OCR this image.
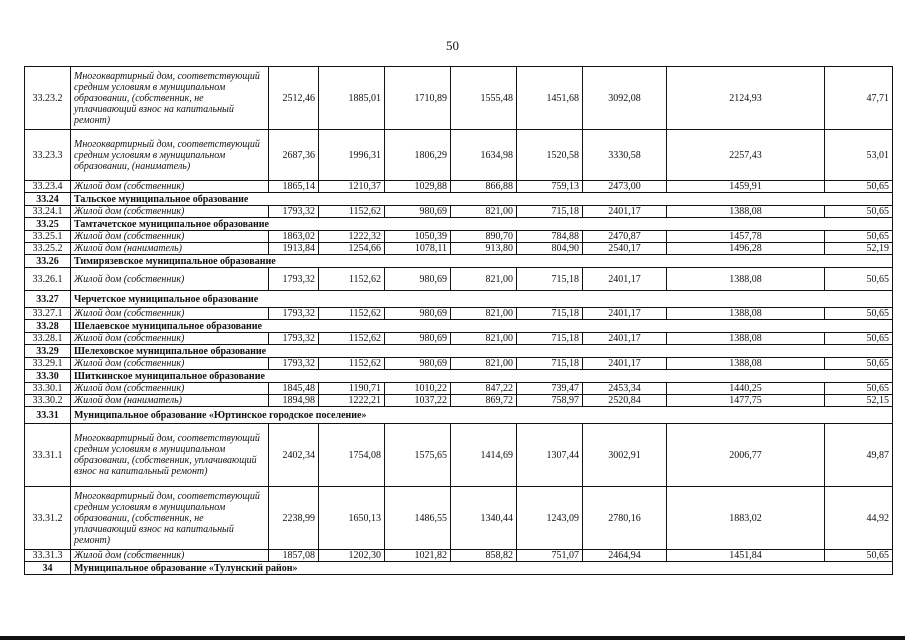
50
33.23.2	Многоквартирный дом, соответствующий средним условиям в муниципальном образовании, (собственник, не уплачивающий взнос на капитальный ремонт)	2512,46	1885,01	1710,89	1555,48	1451,68	3092,08	2124,93	47,71
33.23.3	Многоквартирный дом, соответствующий средним условиям в муниципальном образовании, (наниматель)	2687,36	1996,31	1806,29	1634,98	1520,58	3330,58	2257,43	53,01
33.23.4	Жилой дом (собственник)	1865,14	1210,37	1029,88	866,88	759,13	2473,00	1459,91	50,65
33.24	Тальское муниципальное образование								
33.24.1	Жилой дом (собственник)	1793,32	1152,62	980,69	821,00	715,18	2401,17	1388,08	50,65
33.25	Тамтачетское муниципальное образование								
33.25.1	Жилой дом (собственник)	1863,02	1222,32	1050,39	890,70	784,88	2470,87	1457,78	50,65
33.25.2	Жилой дом (наниматель)	1913,84	1254,66	1078,11	913,80	804,90	2540,17	1496,28	52,19
33.26	Тимирязевское муниципальное образование								
33.26.1	Жилой дом (собственник)	1793,32	1152,62	980,69	821,00	715,18	2401,17	1388,08	50,65
33.27	Черчетское муниципальное образование								
33.27.1	Жилой дом (собственник)	1793,32	1152,62	980,69	821,00	715,18	2401,17	1388,08	50,65
33.28	Шелаевское муниципальное образование								
33.28.1	Жилой дом (собственник)	1793,32	1152,62	980,69	821,00	715,18	2401,17	1388,08	50,65
33.29	Шелеховское муниципальное образование								
33.29.1	Жилой дом (собственник)	1793,32	1152,62	980,69	821,00	715,18	2401,17	1388,08	50,65
33.30	Шиткинское муниципальное образование								
33.30.1	Жилой дом (собственник)	1845,48	1190,71	1010,22	847,22	739,47	2453,34	1440,25	50,65
33.30.2	Жилой дом (наниматель)	1894,98	1222,21	1037,22	869,72	758,97	2520,84	1477,75	52,15
33.31	Муниципальное образование «Юртинское городское поселение»								
33.31.1	Многоквартирный дом, соответствующий средним условиям в муниципальном образовании, (собственник, уплачивающий взнос на капитальный ремонт)	2402,34	1754,08	1575,65	1414,69	1307,44	3002,91	2006,77	49,87
33.31.2	Многоквартирный дом, соответствующий средним условиям в муниципальном образовании, (собственник, не уплачивающий взнос на капитальный ремонт)	2238,99	1650,13	1486,55	1340,44	1243,09	2780,16	1883,02	44,92
33.31.3	Жилой дом (собственник)	1857,08	1202,30	1021,82	858,82	751,07	2464,94	1451,84	50,65
34	Муниципальное образование «Тулунский район»								
